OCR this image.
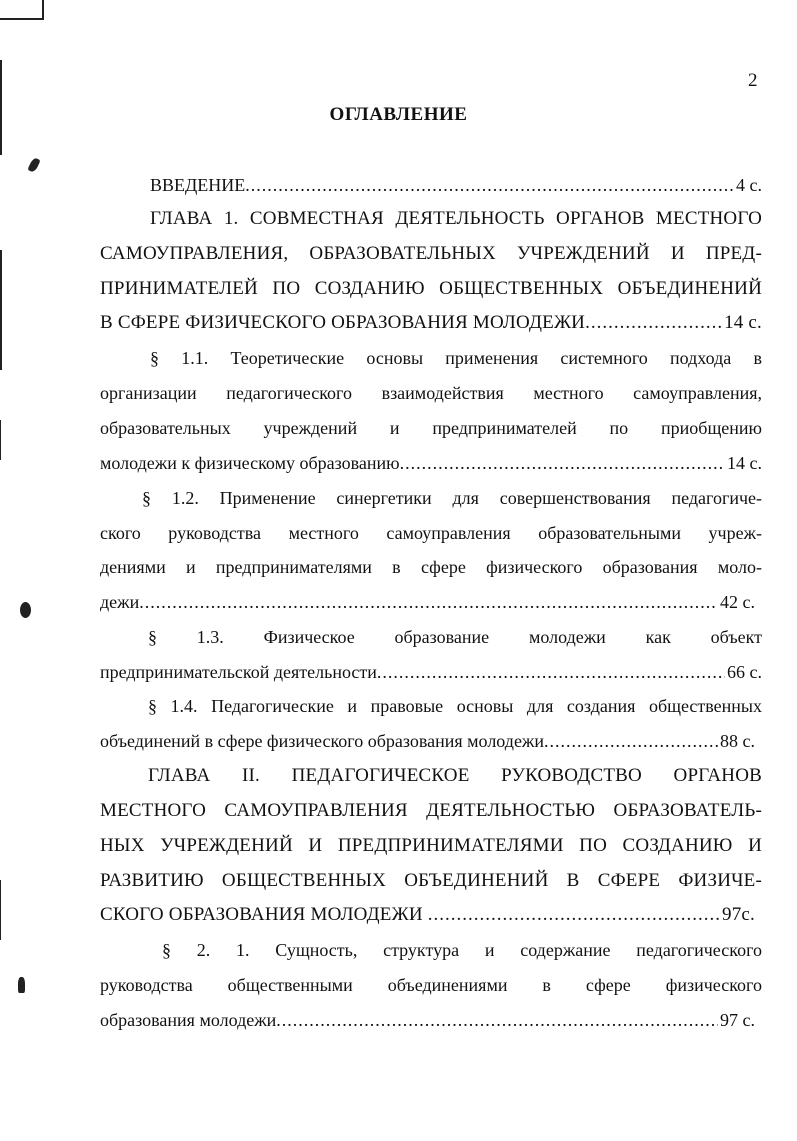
2
ОГЛАВЛЕНИЕ
ВВЕДЕНИЕ .....	4 с.
ГЛАВА 1. СОВМЕСТНАЯ ДЕЯТЕЛЬНОСТЬ ОРГАНОВ МЕСТНОГО
САМОУПРАВЛЕНИЯ, ОБРАЗОВАТЕЛЬНЫХ УЧРЕЖДЕНИЙ И ПРЕД-
ПРИНИМАТЕЛЕЙ ПО СОЗДАНИЮ ОБЩЕСТВЕННЫХ ОБЪЕДИНЕНИЙ
В СФЕРЕ ФИЗИЧЕСКОГО ОБРАЗОВАНИЯ МОЛОДЕЖИ .....	14 с.
§ 1.1. Теоретические основы применения системного подхода в
организации педагогического взаимодействия местного самоуправления,
образовательных учреждений и предпринимателей по приобщению
молодежи к физическому образованию .....	14 с.
§ 1.2. Применение синергетики для совершенствования педагогиче-
ского руководства местного самоуправления образовательными учреж-
дениями и предпринимателями в сфере физического образования моло-
дежи .....	42 с.
§ 1.3. Физическое образование молодежи как объект
предпринимательской деятельности .....	66 с.
§ 1.4. Педагогические и правовые основы для создания общественных
объединений в сфере физического образования молодежи .....	88 с.
ГЛАВА II. ПЕДАГОГИЧЕСКОЕ РУКОВОДСТВО ОРГАНОВ
МЕСТНОГО САМОУПРАВЛЕНИЯ ДЕЯТЕЛЬНОСТЬЮ ОБРАЗОВАТЕЛЬ-
НЫХ УЧРЕЖДЕНИЙ И ПРЕДПРИНИМАТЕЛЯМИ ПО СОЗДАНИЮ И
РАЗВИТИЮ ОБЩЕСТВЕННЫХ ОБЪЕДИНЕНИЙ В СФЕРЕ ФИЗИЧЕ-
СКОГО ОБРАЗОВАНИЯ МОЛОДЕЖИ .....	97с.
§ 2. 1. Сущность, структура и содержание педагогического
руководства общественными объединениями в сфере физического
образования молодежи .....	97 с.
